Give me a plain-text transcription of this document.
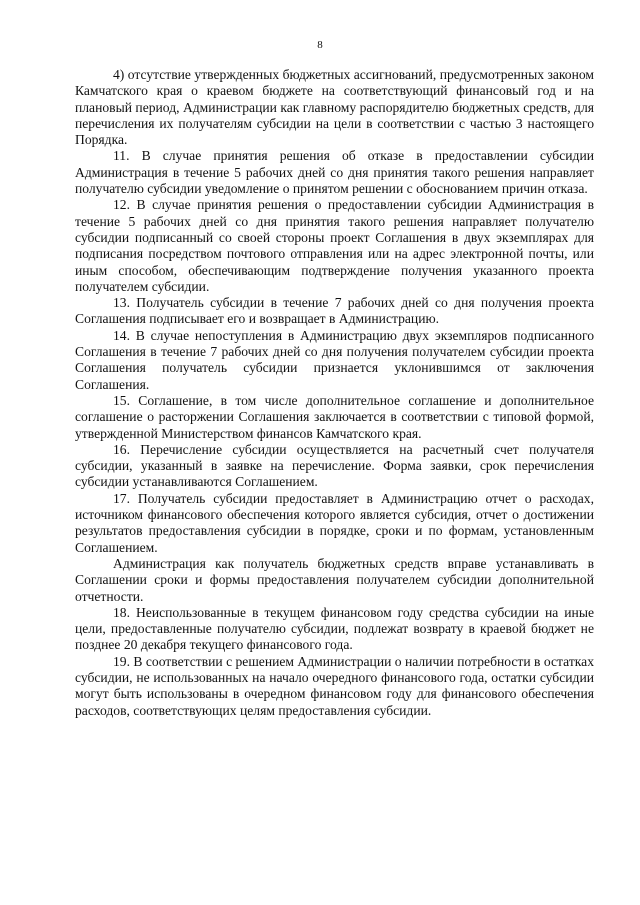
8

4) отсутствие утвержденных бюджетных ассигнований, предусмотренных законом Камчатского края о краевом бюджете на соответствующий финансовый год и на плановый период, Администрации как главному распорядителю бюджетных средств, для перечисления их получателям субсидии на цели в соответствии с частью 3 настоящего Порядка.

11. В случае принятия решения об отказе в предоставлении субсидии Администрация в течение 5 рабочих дней со дня принятия такого решения направляет получателю субсидии уведомление о принятом решении с обоснованием причин отказа.

12. В случае принятия решения о предоставлении субсидии Администрация в течение 5 рабочих дней со дня принятия такого решения направляет получателю субсидии подписанный со своей стороны проект Соглашения в двух экземплярах для подписания посредством почтового отправления или на адрес электронной почты, или иным способом, обеспечивающим подтверждение получения указанного проекта получателем субсидии.

13. Получатель субсидии в течение 7 рабочих дней со дня получения проекта Соглашения подписывает его и возвращает в Администрацию.

14. В случае непоступления в Администрацию двух экземпляров подписанного Соглашения в течение 7 рабочих дней со дня получения получателем субсидии проекта Соглашения получатель субсидии признается уклонившимся от заключения Соглашения.

15. Соглашение, в том числе дополнительное соглашение и дополнительное соглашение о расторжении Соглашения заключается в соответствии с типовой формой, утвержденной Министерством финансов Камчатского края.

16. Перечисление субсидии осуществляется на расчетный счет получателя субсидии, указанный в заявке на перечисление. Форма заявки, срок перечисления субсидии устанавливаются Соглашением.

17. Получатель субсидии предоставляет в Администрацию отчет о расходах, источником финансового обеспечения которого является субсидия, отчет о достижении результатов предоставления субсидии в порядке, сроки и по формам, установленным Соглашением.

Администрация как получатель бюджетных средств вправе устанавливать в Соглашении сроки и формы предоставления получателем субсидии дополнительной отчетности.

18. Неиспользованные в текущем финансовом году средства субсидии на иные цели, предоставленные получателю субсидии, подлежат возврату в краевой бюджет не позднее 20 декабря текущего финансового года.

19. В соответствии с решением Администрации о наличии потребности в остатках субсидии, не использованных на начало очередного финансового года, остатки субсидии могут быть использованы в очередном финансовом году для финансового обеспечения расходов, соответствующих целям предоставления субсидии.
